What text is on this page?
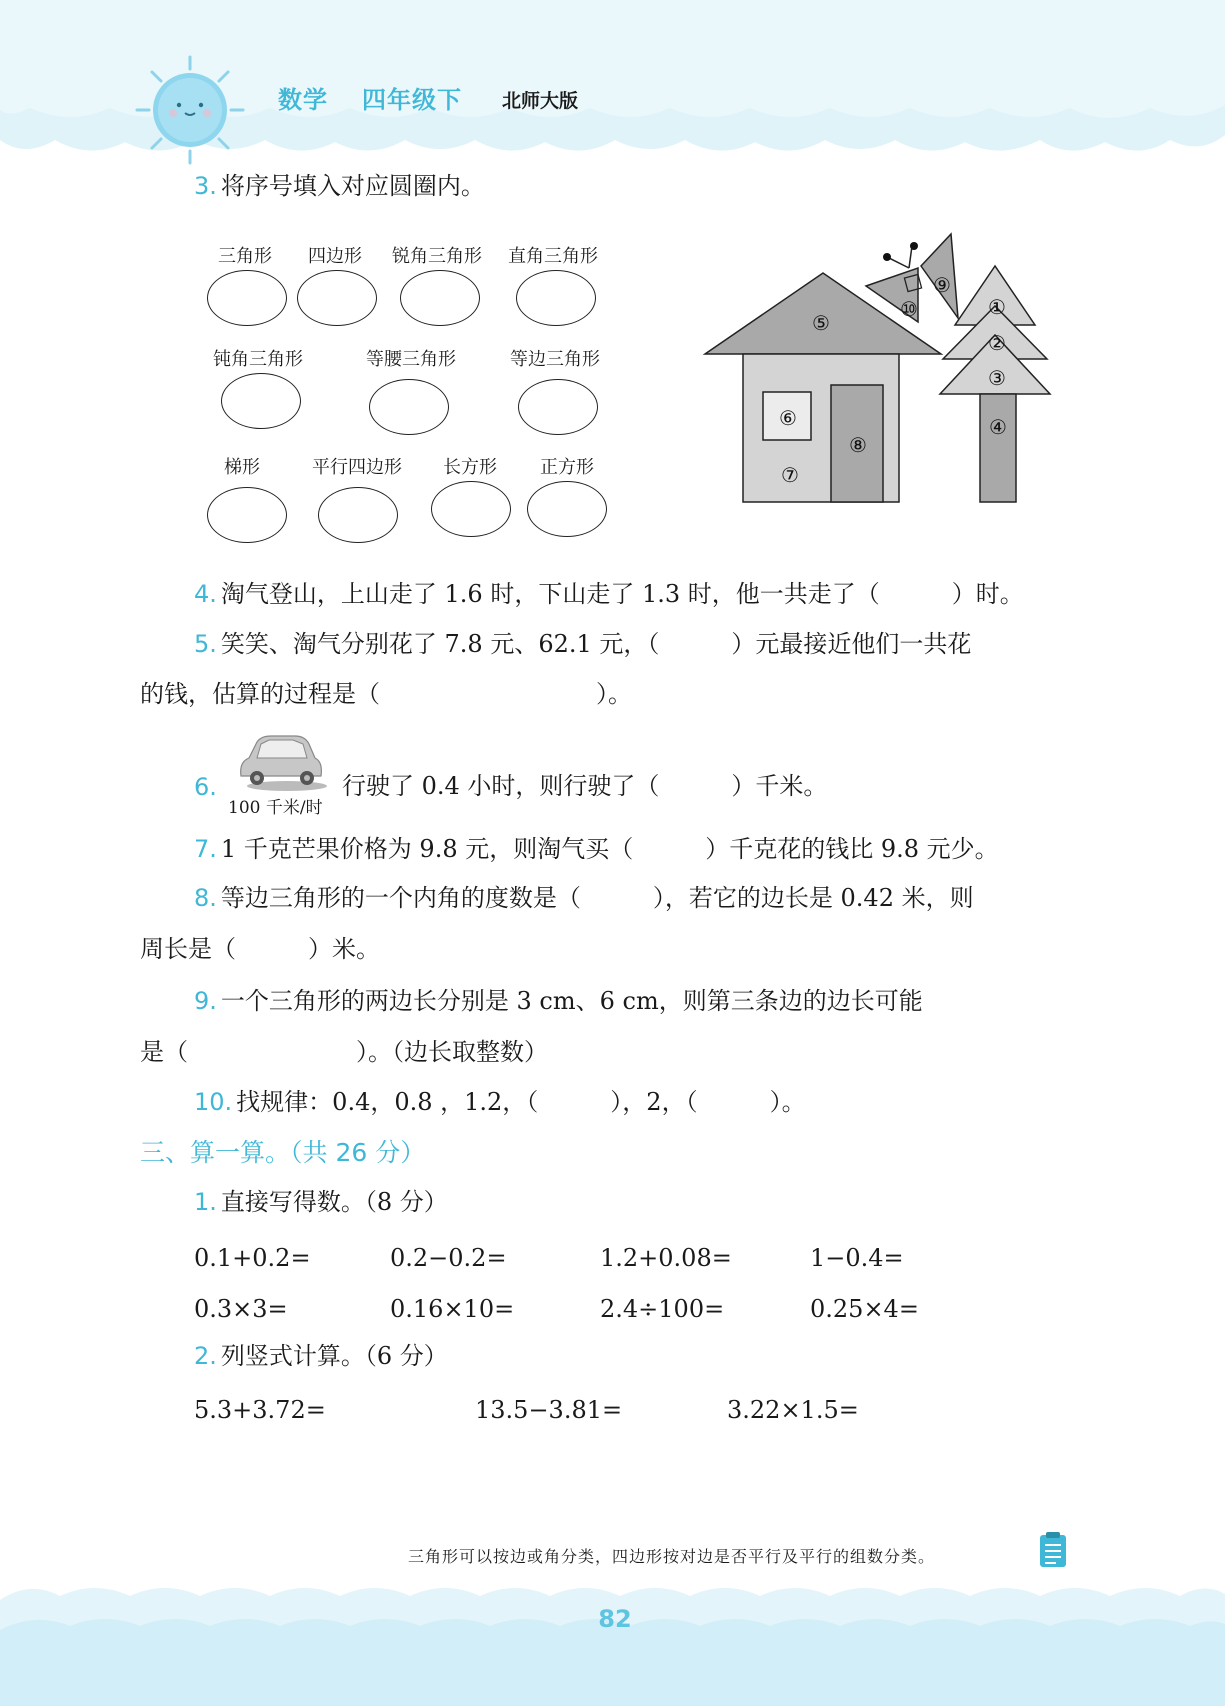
数学 四年级下 北师大版
3. 将序号填入对应圆圈内。
三角形 四边形 锐角三角形 直角三角形
钝角三角形	等腰三角形	等边三角形
梯形	平行四边形 长方形 正方形
①
②
③
④
⑤
⑥
⑦
⑧
⑨
⑩
4. 淘气登山，上山走了 1.6 时，下山走了 1.3 时，他一共走了（　　　）时。
5. 笑笑、淘气分别花了 7.8 元、62.1 元，（　　　）元最接近他们一共花
的钱，估算的过程是（　　　　　　　　　）。
6.
100 千米/时
行驶了 0.4 小时，则行驶了（　　　）千米。
7. 1 千克芒果价格为 9.8 元，则淘气买（　　　）千克花的钱比 9.8 元少。
8. 等边三角形的一个内角的度数是（　　　），若它的边长是 0.42 米，则
周长是（　　　）米。
9. 一个三角形的两边长分别是 3 cm、6 cm，则第三条边的边长可能
是（　　　　　　　）。（边长取整数）
10. 找规律：0.4，0.8 ，1.2，（　　　），2，（　　　）。
三、算一算。（共 26 分）
1. 直接写得数。（8 分）
0.1+0.2=	0.2−0.2=	1.2+0.08=	1−0.4=
0.3×3=	0.16×10=	2.4÷100=	0.25×4=
2. 列竖式计算。（6 分）
5.3+3.72=	13.5−3.81=	3.22×1.5=
三角形可以按边或角分类，四边形按对边是否平行及平行的组数分类。
82
